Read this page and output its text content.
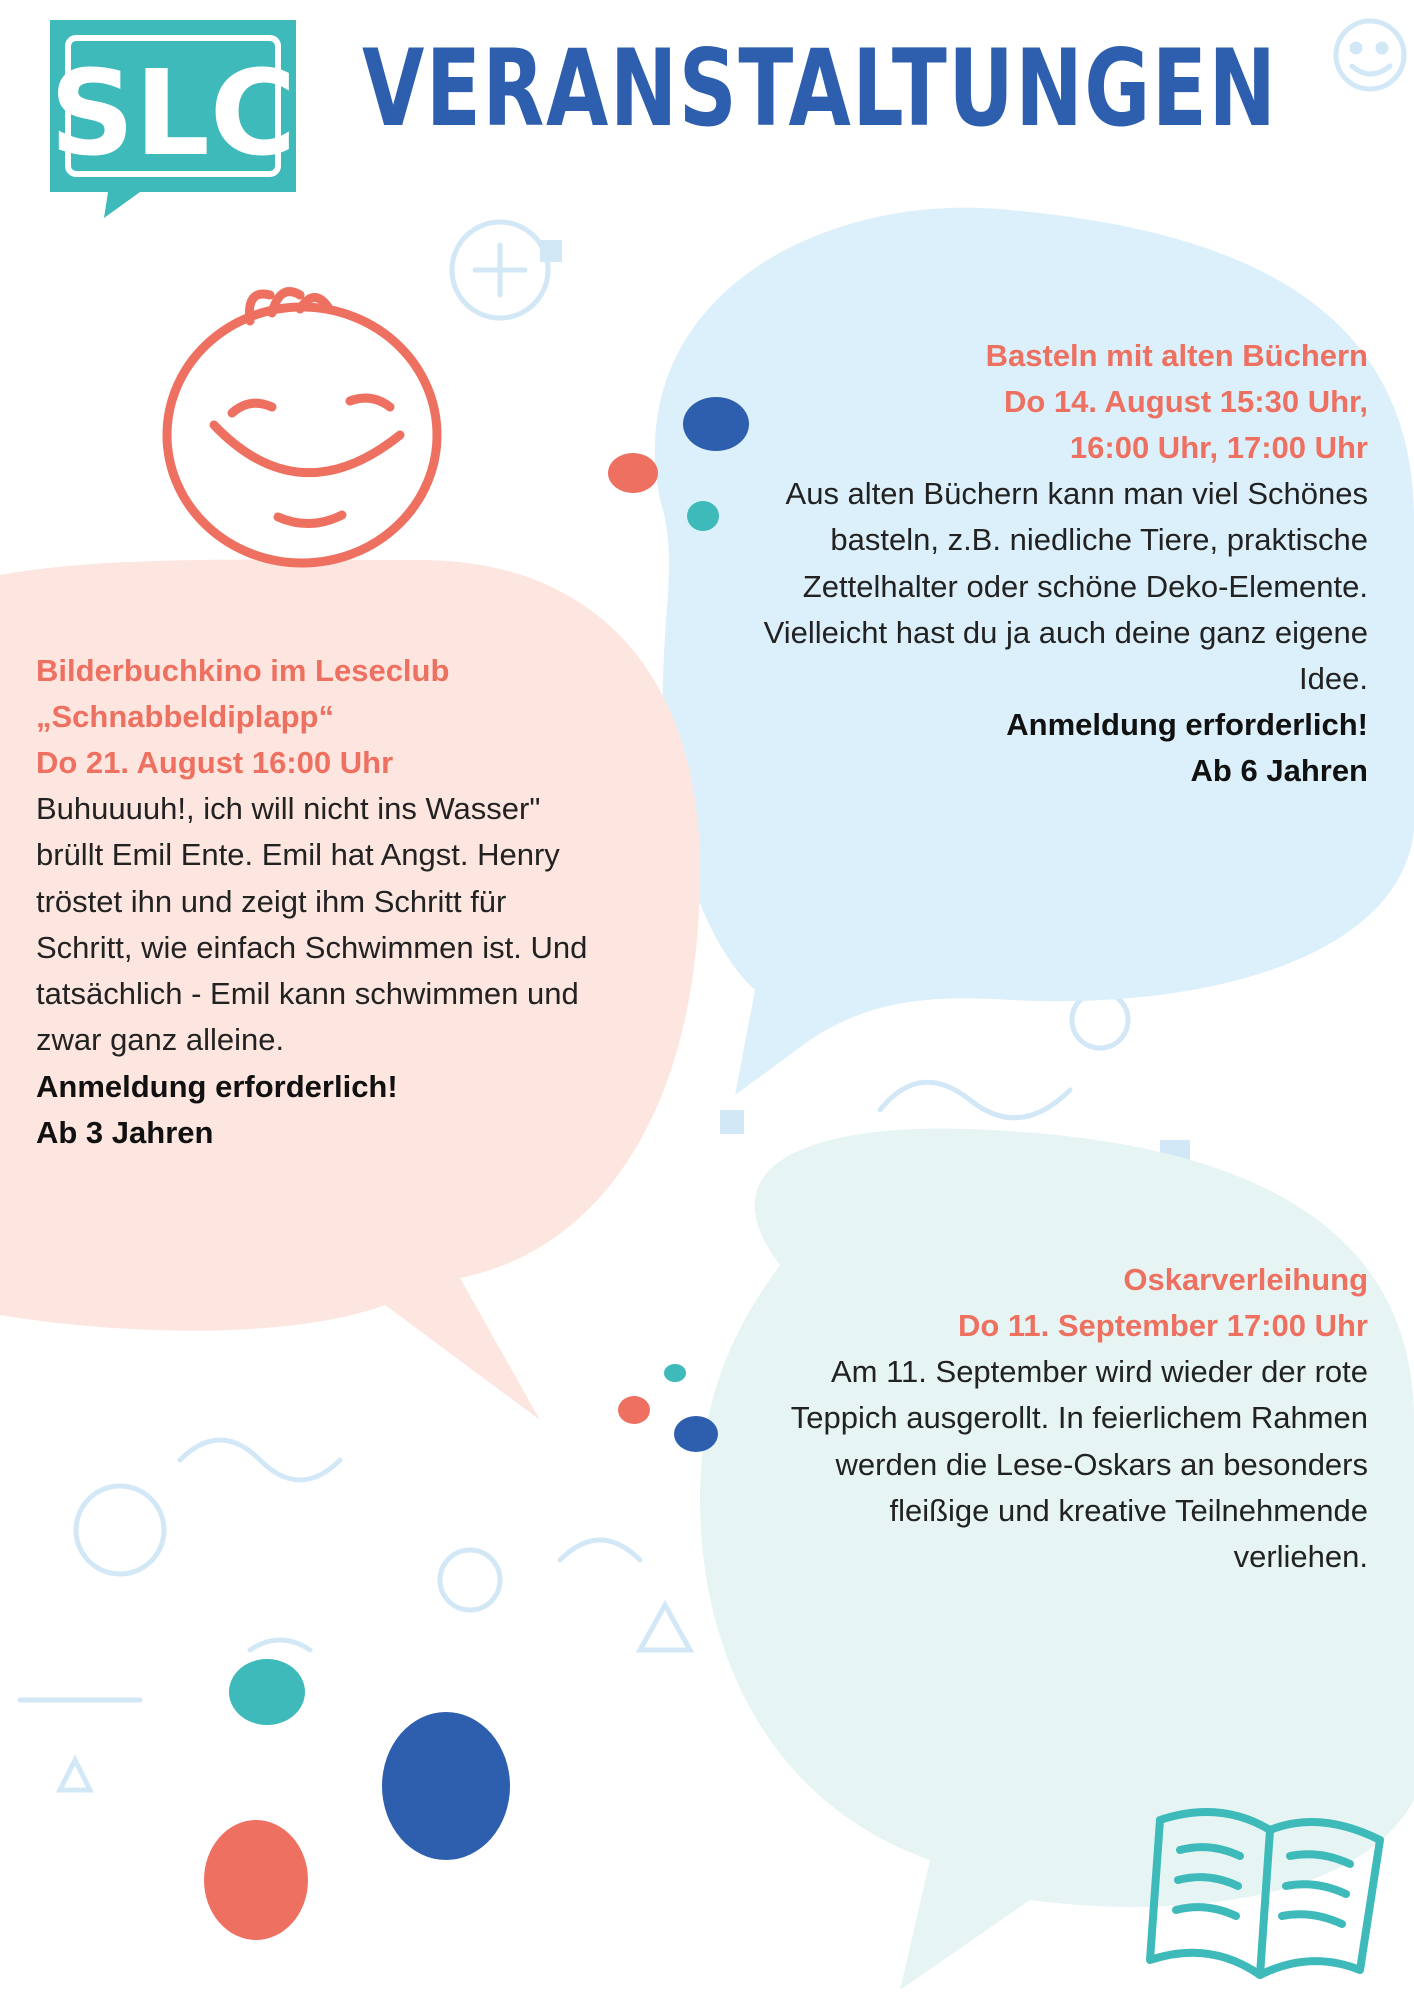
SLC VERANSTALTUNGEN

Bilderbuchkino im Leseclub

„Schnabbeldiplapp“

Do 21. August 16:00 Uhr

Buhuuuuh!, ich will nicht ins Wasser" brüllt Emil Ente. Emil hat Angst. Henry tröstet ihn und zeigt ihm Schritt für Schritt, wie einfach Schwimmen ist. Und tatsächlich - Emil kann schwimmen und zwar ganz alleine.

Anmeldung erforderlich!

Ab 3 Jahren

Basteln mit alten Büchern

Do 14. August 15:30 Uhr,

16:00 Uhr, 17:00 Uhr

Aus alten Büchern kann man viel Schönes basteln, z.B. niedliche Tiere, praktische Zettelhalter oder schöne Deko-Elemente. Vielleicht hast du ja auch deine ganz eigene Idee.

Anmeldung erforderlich!

Ab 6 Jahren

Oskarverleihung

Do 11. September 17:00 Uhr

Am 11. September wird wieder der rote Teppich ausgerollt. In feierlichem Rahmen werden die Lese-Oskars an besonders fleißige und kreative Teilnehmende verliehen.
